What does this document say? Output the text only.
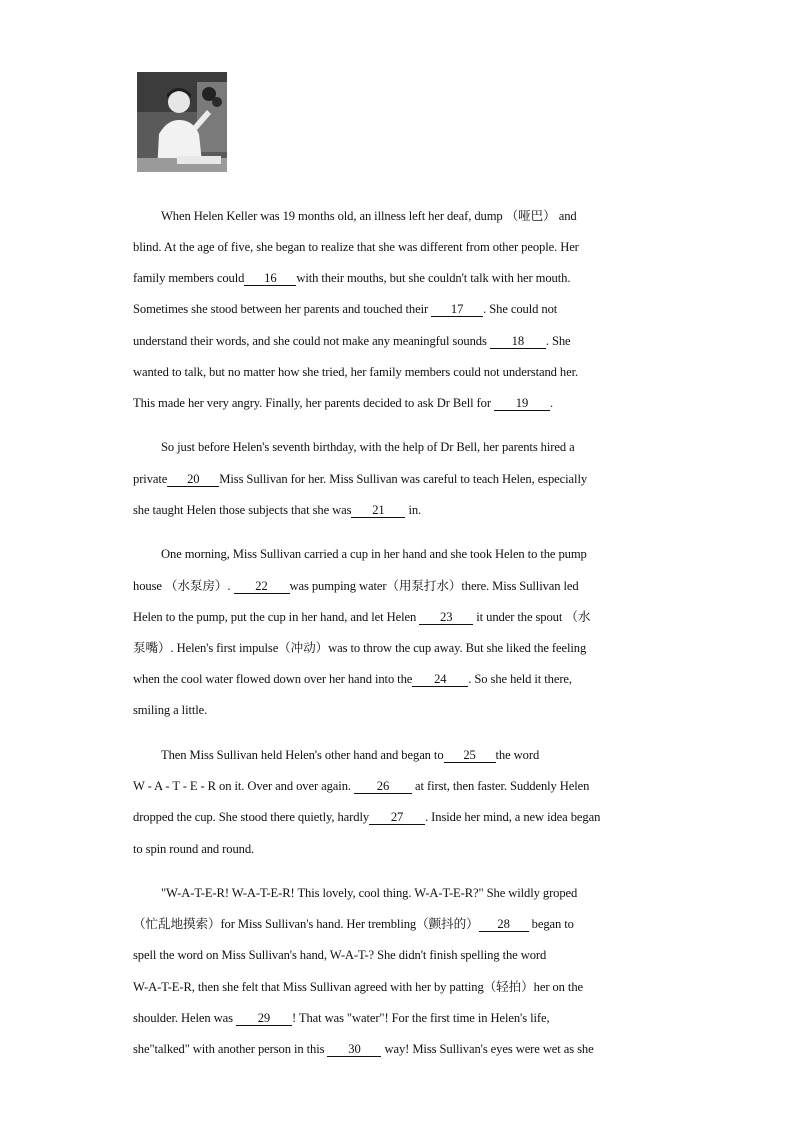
When Helen Keller was 19 months old, an illness left her deaf, dump （哑巴） and
blind. At the age of five, she began to realize that she was different from other people. Her
family members could 16 with their mouths, but she couldn't talk with her mouth.
Sometimes she stood between her parents and touched their 17 . She could not
understand their words, and she could not make any meaningful sounds 18 . She
wanted to talk, but no matter how she tried, her family members could not understand her.
This made her very angry. Finally, her parents decided to ask Dr Bell for 19 .
So just before Helen's seventh birthday, with the help of Dr Bell, her parents hired a
private 20 Miss Sullivan for her. Miss Sullivan was careful to teach Helen, especially
she taught Helen those subjects that she was 21 in.
One morning, Miss Sullivan carried a cup in her hand and she took Helen to the pump
house （水泵房）. 22 was pumping water（用泵打水）there. Miss Sullivan led
Helen to the pump, put the cup in her hand, and let Helen 23 it under the spout （水
泵嘴）. Helen's first impulse（冲动）was to throw the cup away. But she liked the feeling
when the cool water flowed down over her hand into the 24 . So she held it there,
smiling a little.
Then Miss Sullivan held Helen's other hand and began to 25 the word
W - A - T - E - R on it. Over and over again. 26 at first, then faster. Suddenly Helen
dropped the cup. She stood there quietly, hardly 27 . Inside her mind, a new idea began
to spin round and round.
"W-A-T-E-R! W-A-T-E-R! This lovely, cool thing. W-A-T-E-R?" She wildly groped
（忙乱地摸索）for Miss Sullivan's hand. Her trembling（颤抖的） 28 began to
spell the word on Miss Sullivan's hand, W-A-T-? She didn't finish spelling the word
W-A-T-E-R, then she felt that Miss Sullivan agreed with her by patting（轻拍）her on the
shoulder. Helen was 29 ! That was "water"! For the first time in Helen's life,
she"talked" with another person in this 30 way! Miss Sullivan's eyes were wet as she
